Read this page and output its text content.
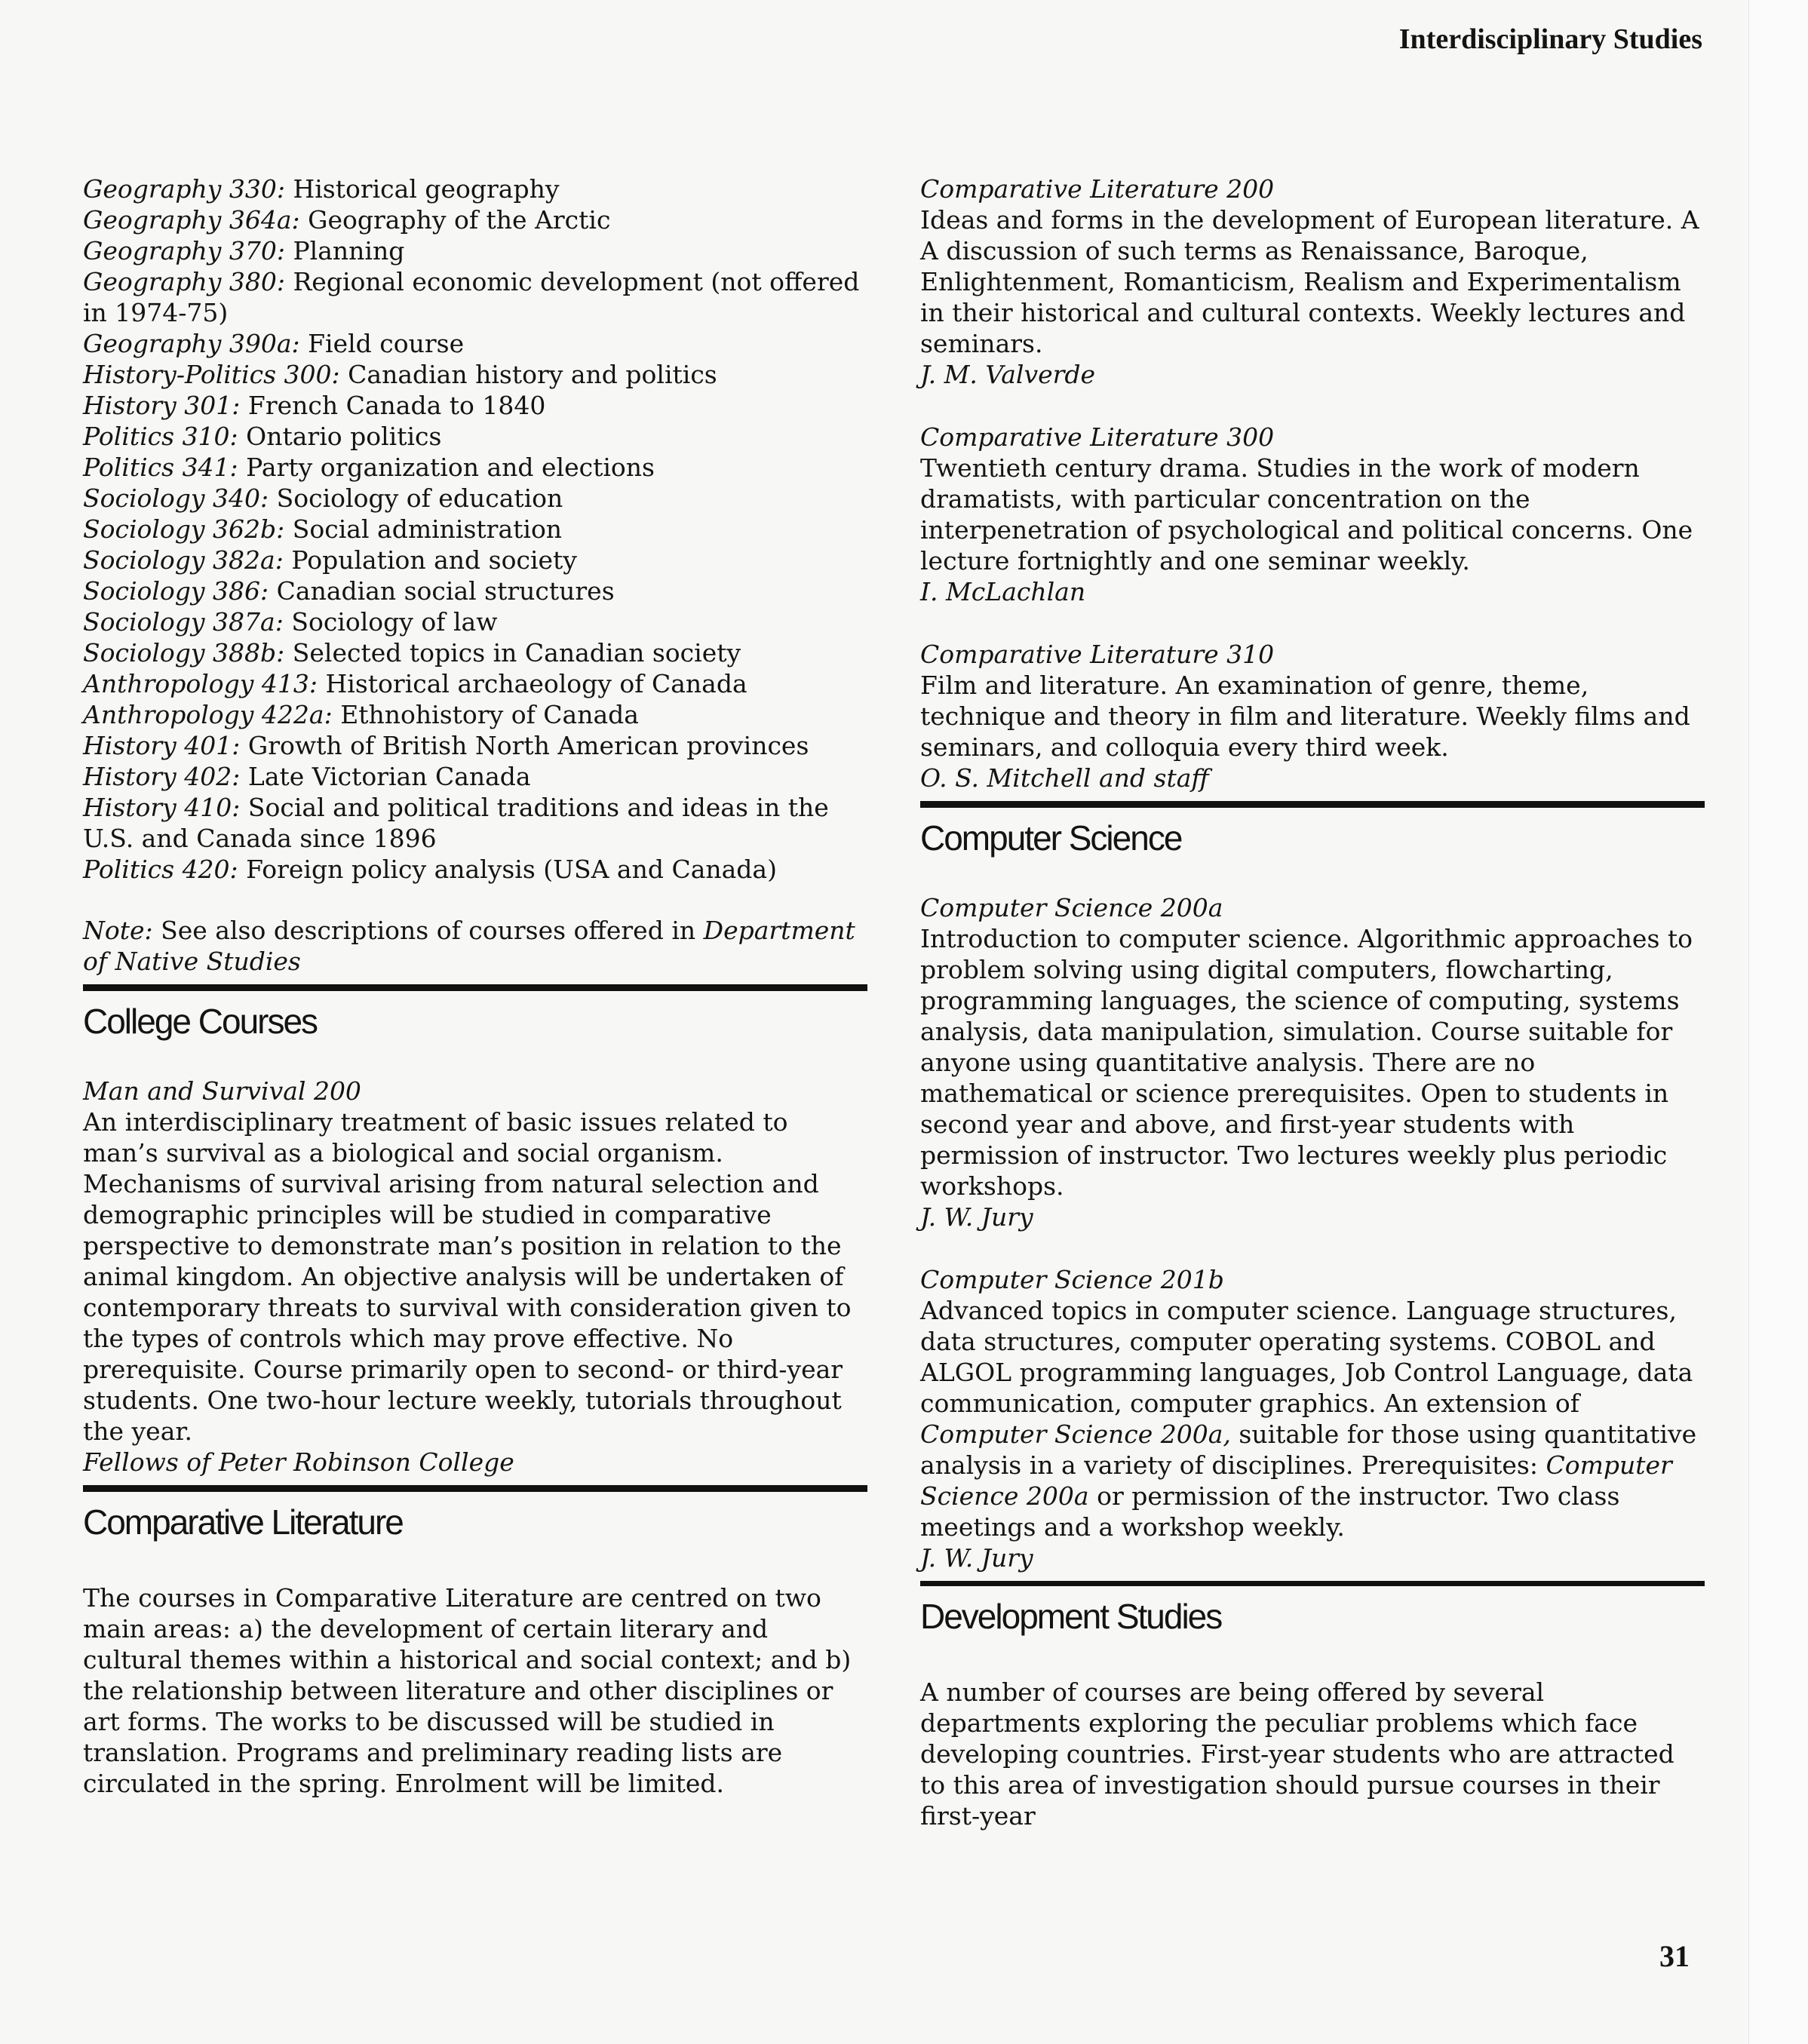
Interdisciplinary Studies
Geography 330: Historical geography
Geography 364a: Geography of the Arctic
Geography 370: Planning
Geography 380: Regional economic development (not offered in 1974-75)
Geography 390a: Field course
History-Politics 300: Canadian history and politics
History 301: French Canada to 1840
Politics 310: Ontario politics
Politics 341: Party organization and elections
Sociology 340: Sociology of education
Sociology 362b: Social administration
Sociology 382a: Population and society
Sociology 386: Canadian social structures
Sociology 387a: Sociology of law
Sociology 388b: Selected topics in Canadian society
Anthropology 413: Historical archaeology of Canada
Anthropology 422a: Ethnohistory of Canada
History 401: Growth of British North American provinces
History 402: Late Victorian Canada
History 410: Social and political traditions and ideas in the U.S. and Canada since 1896
Politics 420: Foreign policy analysis (USA and Canada)

Note: See also descriptions of courses offered in Department of Native Studies

College Courses
Man and Survival 200
An interdisciplinary treatment of basic issues related to man’s survival as a biological and social organism. Mechanisms of survival arising from natural selection and demographic principles will be studied in comparative perspective to demonstrate man’s position in relation to the animal kingdom. An objective analysis will be undertaken of contemporary threats to survival with consideration given to the types of controls which may prove effective. No prerequisite. Course primarily open to second- or third-year students. One two-hour lecture weekly, tutorials throughout the year.
Fellows of Peter Robinson College
Comparative Literature
The courses in Comparative Literature are centred on two main areas: a) the development of certain literary and cultural themes within a historical and social context; and b) the relationship between literature and other disciplines or art forms. The works to be discussed will be studied in translation. Programs and preliminary reading lists are circulated in the spring. Enrolment will be limited.
Comparative Literature 200
Ideas and forms in the development of European literature. A A discussion of such terms as Renaissance, Baroque, Enlightenment, Romanticism, Realism and Experimentalism in their historical and cultural contexts. Weekly lectures and seminars.
J. M. Valverde
Comparative Literature 300
Twentieth century drama. Studies in the work of modern dramatists, with particular concentration on the interpenetration of psychological and political concerns. One lecture fortnightly and one seminar weekly.
I. McLachlan
Comparative Literature 310
Film and literature. An examination of genre, theme, technique and theory in film and literature. Weekly films and seminars, and colloquia every third week.
O. S. Mitchell and staff
Computer Science
Computer Science 200a
Introduction to computer science. Algorithmic approaches to problem solving using digital computers, flowcharting, programming languages, the science of computing, systems analysis, data manipulation, simulation. Course suitable for anyone using quantitative analysis. There are no mathematical or science prerequisites. Open to students in second year and above, and first-year students with permission of instructor. Two lectures weekly plus periodic workshops.
J. W. Jury
Computer Science 201b
Advanced topics in computer science. Language structures, data structures, computer operating systems. COBOL and ALGOL programming languages, Job Control Language, data communication, computer graphics. An extension of Computer Science 200a, suitable for those using quantitative analysis in a variety of disciplines. Prerequisites: Computer Science 200a or permission of the instructor. Two class meetings and a workshop weekly.
J. W. Jury
Development Studies
A number of courses are being offered by several departments exploring the peculiar problems which face developing countries. First-year students who are attracted to this area of investigation should pursue courses in their first-year
31
